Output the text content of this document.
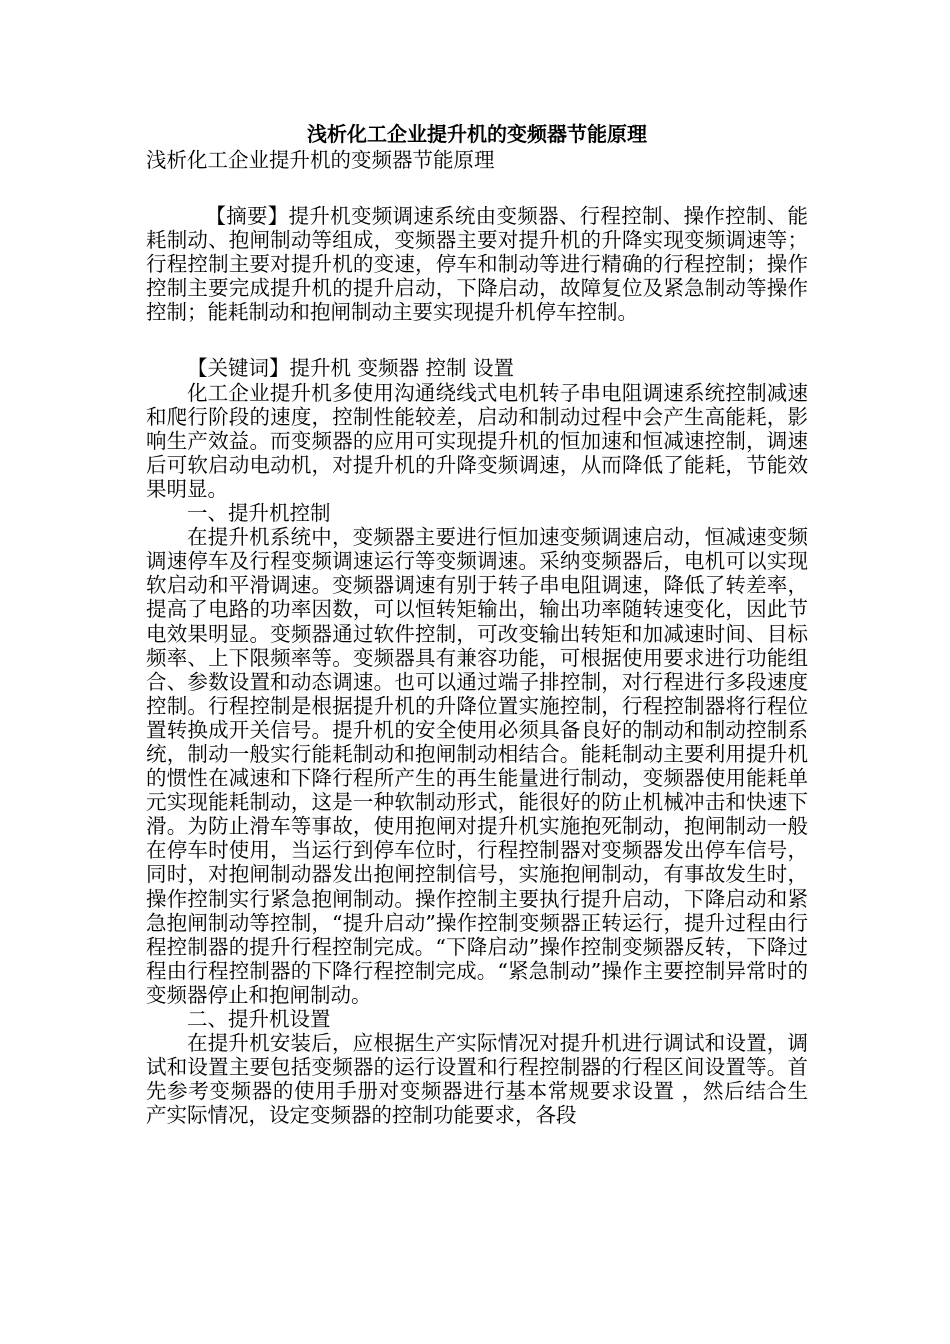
浅析化工企业提升机的变频器节能原理

浅析化工企业提升机的变频器节能原理

【摘要】提升机变频调速系统由变频器、行程控制、操作控制、能耗制动、抱闸制动等组成，变频器主要对提升机的升降实现变频调速等；行程控制主要对提升机的变速，停车和制动等进行精确的行程控制；操作控制主要完成提升机的提升启动，下降启动，故障复位及紧急制动等操作控制；能耗制动和抱闸制动主要实现提升机停车控制。

【关键词】提升机 变频器 控制 设置

化工企业提升机多使用沟通绕线式电机转子串电阻调速系统控制减速和爬行阶段的速度，控制性能较差，启动和制动过程中会产生高能耗，影响生产效益。而变频器的应用可实现提升机的恒加速和恒减速控制，调速后可软启动电动机，对提升机的升降变频调速，从而降低了能耗，节能效果明显。

一、提升机控制

在提升机系统中，变频器主要进行恒加速变频调速启动，恒减速变频调速停车及行程变频调速运行等变频调速。采纳变频器后，电机可以实现软启动和平滑调速。变频器调速有别于转子串电阻调速，降低了转差率，提高了电路的功率因数，可以恒转矩输出，输出功率随转速变化，因此节电效果明显。变频器通过软件控制，可改变输出转矩和加减速时间、目标频率、上下限频率等。变频器具有兼容功能，可根据使用要求进行功能组合、参数设置和动态调速。也可以通过端子排控制，对行程进行多段速度控制。行程控制是根据提升机的升降位置实施控制，行程控制器将行程位置转换成开关信号。提升机的安全使用必须具备良好的制动和制动控制系统，制动一般实行能耗制动和抱闸制动相结合。能耗制动主要利用提升机的惯性在减速和下降行程所产生的再生能量进行制动，变频器使用能耗单元实现能耗制动，这是一种软制动形式，能很好的防止机械冲击和快速下滑。为防止滑车等事故，使用抱闸对提升机实施抱死制动，抱闸制动一般在停车时使用，当运行到停车位时，行程控制器对变频器发出停车信号，同时，对抱闸制动器发出抱闸控制信号，实施抱闸制动，有事故发生时，操作控制实行紧急抱闸制动。操作控制主要执行提升启动，下降启动和紧急抱闸制动等控制，“提升启动”操作控制变频器正转运行，提升过程由行程控制器的提升行程控制完成。“下降启动”操作控制变频器反转，下降过程由行程控制器的下降行程控制完成。“紧急制动”操作主要控制异常时的变频器停止和抱闸制动。

二、提升机设置

在提升机安装后，应根据生产实际情况对提升机进行调试和设置，调试和设置主要包括变频器的运行设置和行程控制器的行程区间设置等。首先参考变频器的使用手册对变频器进行基本常规要求设置 ，然后结合生产实际情况，设定变频器的控制功能要求，各段
